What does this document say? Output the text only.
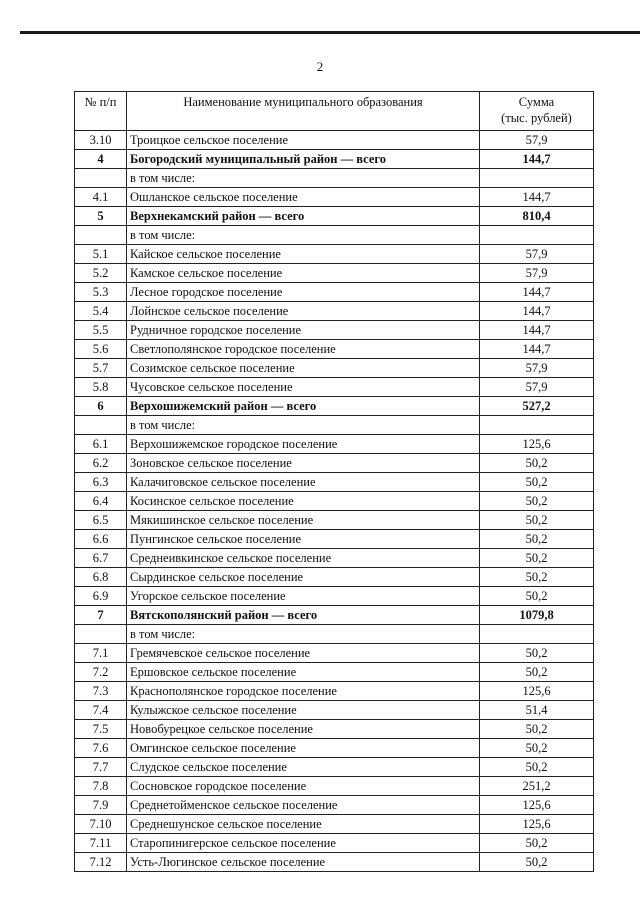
2
№ п/п	Наименование муниципального образования	Сумма
(тыс. рублей)
3.10	Троицкое сельское поселение	57,9
4	Богородский муниципальный район — всего	144,7
	в том числе:	
4.1	Ошланское сельское поселение	144,7
5	Верхнекамский район — всего	810,4
	в том числе:	
5.1	Кайское сельское поселение	57,9
5.2	Камское сельское поселение	57,9
5.3	Лесное городское поселение	144,7
5.4	Лойнское сельское поселение	144,7
5.5	Рудничное городское поселение	144,7
5.6	Светлополянское городское поселение	144,7
5.7	Созимское сельское поселение	57,9
5.8	Чусовское сельское поселение	57,9
6	Верхошижемский район — всего	527,2
	в том числе:	
6.1	Верхошижемское городское поселение	125,6
6.2	Зоновское сельское поселение	50,2
6.3	Калачиговское сельское поселение	50,2
6.4	Косинское сельское поселение	50,2
6.5	Мякишинское сельское поселение	50,2
6.6	Пунгинское сельское поселение	50,2
6.7	Среднеивкинское сельское поселение	50,2
6.8	Сырдинское сельское поселение	50,2
6.9	Угорское сельское поселение	50,2
7	Вятскополянский район — всего	1079,8
	в том числе:	
7.1	Гремячевское сельское поселение	50,2
7.2	Ершовское сельское поселение	50,2
7.3	Краснополянское городское поселение	125,6
7.4	Кулыжское сельское поселение	51,4
7.5	Новобурецкое сельское поселение	50,2
7.6	Омгинское сельское поселение	50,2
7.7	Слудское сельское поселение	50,2
7.8	Сосновское городское поселение	251,2
7.9	Среднетойменское сельское поселение	125,6
7.10	Среднешунское сельское поселение	125,6
7.11	Старопинигерское сельское поселение	50,2
7.12	Усть-Люгинское сельское поселение	50,2
